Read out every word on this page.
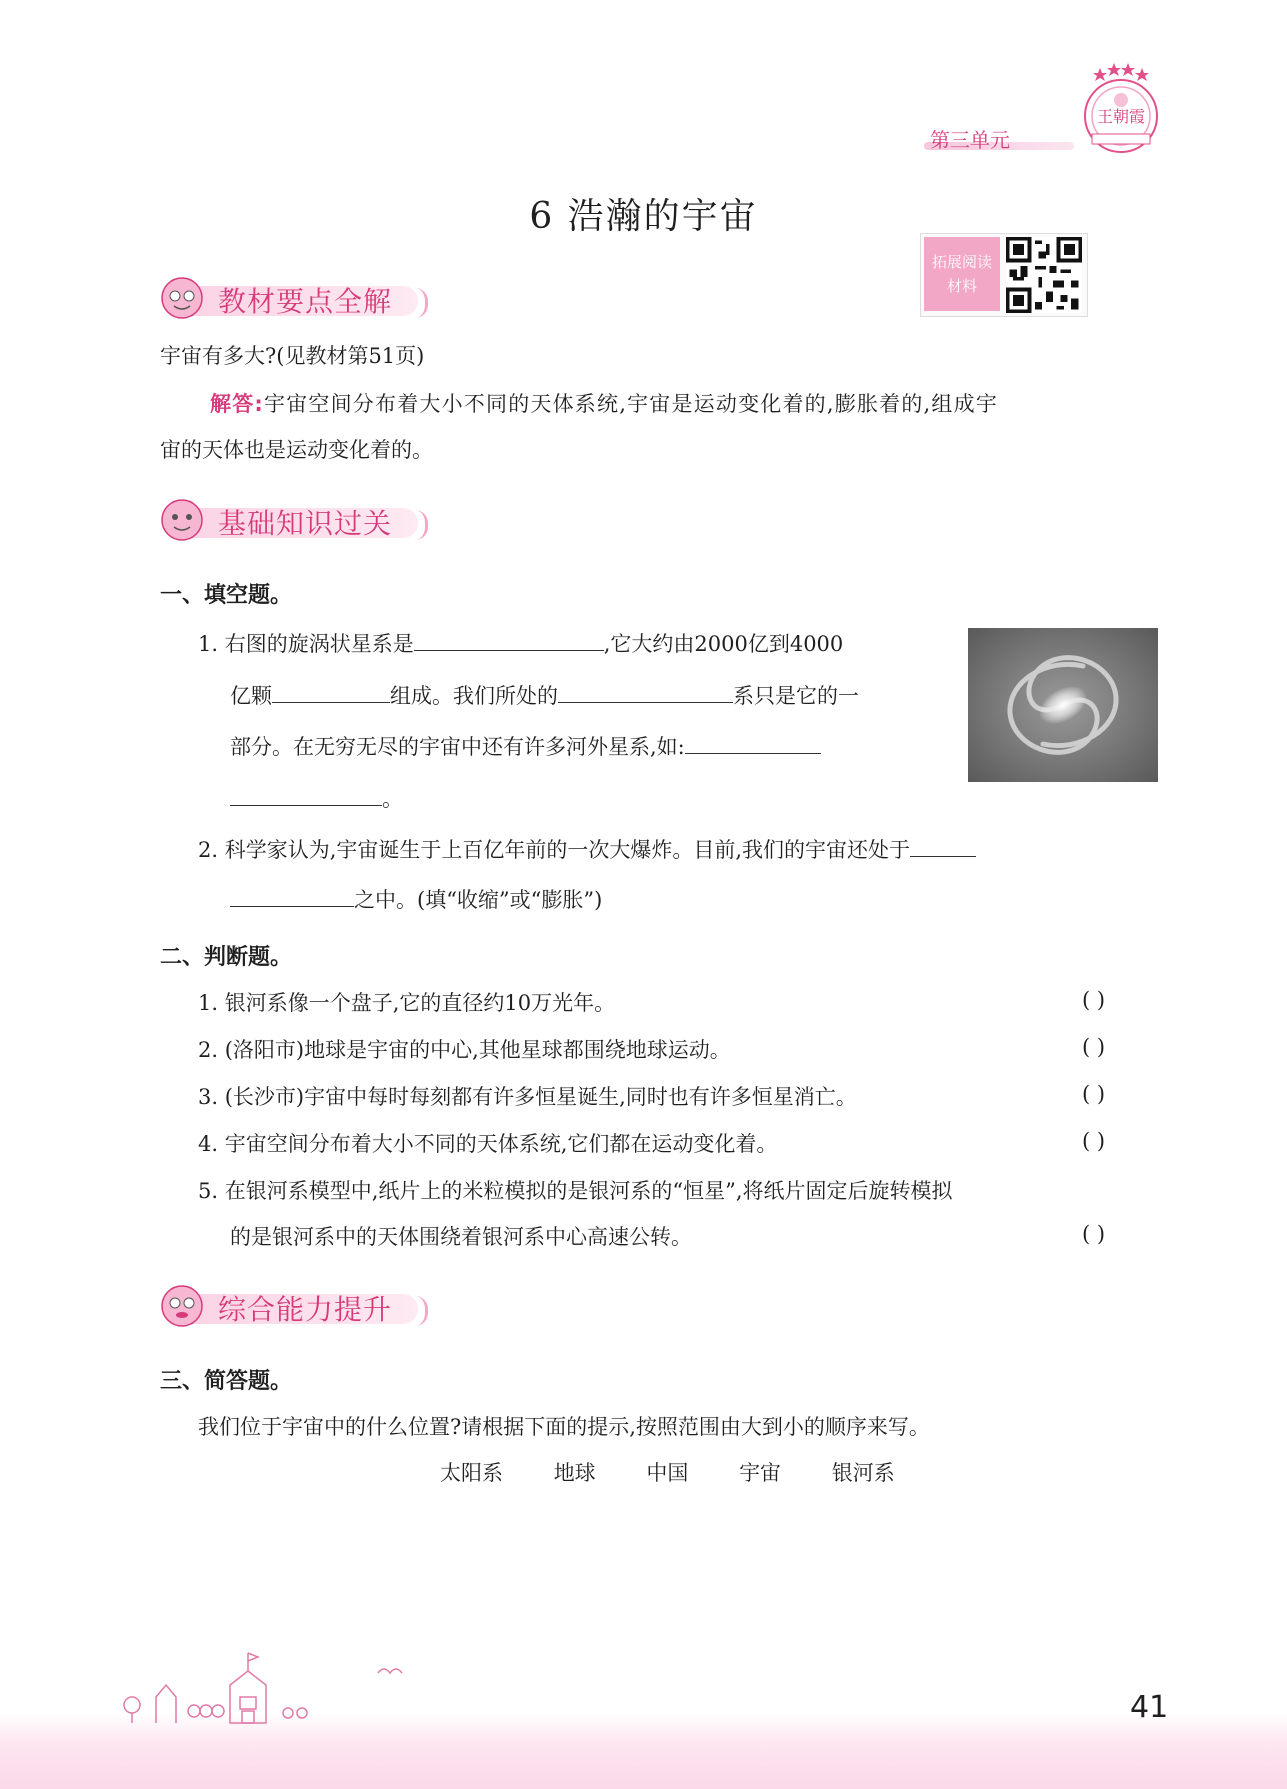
第三单元
王朝霞
6 浩瀚的宇宙
拓展阅读
材料
教材要点全解
宇宙有多大?(见教材第51页)
解答:宇宙空间分布着大小不同的天体系统,宇宙是运动变化着的,膨胀着的,组成宇
宙的天体也是运动变化着的。
基础知识过关
一、填空题。
1. 右图的旋涡状星系是	,它大约由2000亿到4000
亿颗	组成。我们所处的	系只是它的一
部分。在无穷无尽的宇宙中还有许多河外星系,如:
。
2. 科学家认为,宇宙诞生于上百亿年前的一次大爆炸。目前,我们的宇宙还处于
之中。(填“收缩”或“膨胀”)
二、判断题。
1. 银河系像一个盘子,它的直径约10万光年。	( )
2. (洛阳市)地球是宇宙的中心,其他星球都围绕地球运动。	( )
3. (长沙市)宇宙中每时每刻都有许多恒星诞生,同时也有许多恒星消亡。	( )
4. 宇宙空间分布着大小不同的天体系统,它们都在运动变化着。	( )
5. 在银河系模型中,纸片上的米粒模拟的是银河系的“恒星”,将纸片固定后旋转模拟
的是银河系中的天体围绕着银河系中心高速公转。	( )
综合能力提升
三、简答题。
我们位于宇宙中的什么位置?请根据下面的提示,按照范围由大到小的顺序来写。
太阳系 地球 中国 宇宙 银河系
41
